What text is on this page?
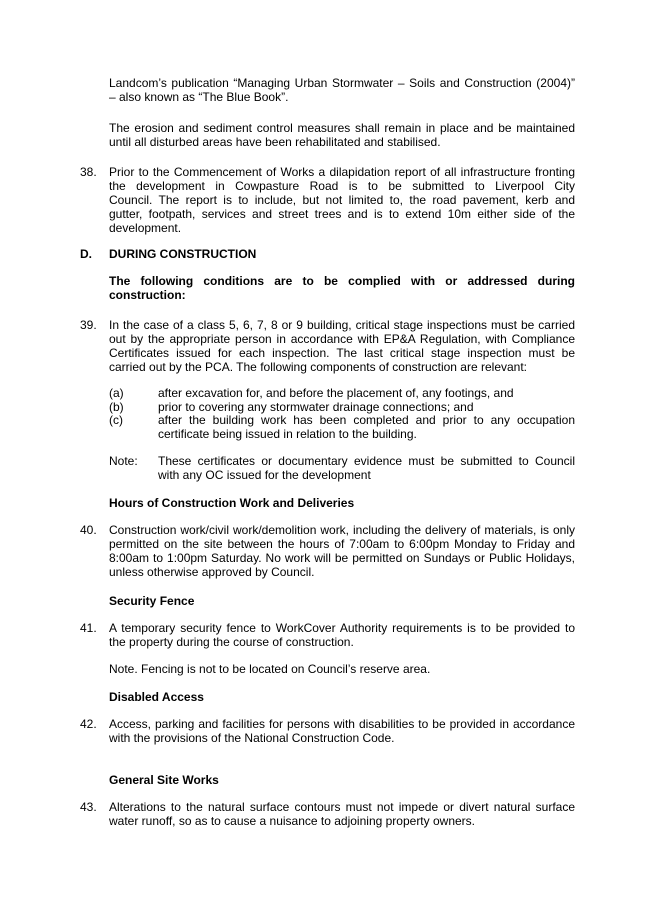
Landcom’s publication “Managing Urban Stormwater – Soils and Construction (2004)”
– also known as “The Blue Book”.
The erosion and sediment control measures shall remain in place and be maintained
until all disturbed areas have been rehabilitated and stabilised.
38. Prior to the Commencement of Works a dilapidation report of all infrastructure fronting
the development in Cowpasture Road is to be submitted to Liverpool City
Council. The report is to include, but not limited to, the road pavement, kerb and
gutter, footpath, services and street trees and is to extend 10m either side of the
development.
D. DURING CONSTRUCTION
The following conditions are to be complied with or addressed during
construction:
39. In the case of a class 5, 6, 7, 8 or 9 building, critical stage inspections must be carried
out by the appropriate person in accordance with EP&A Regulation, with Compliance
Certificates issued for each inspection. The last critical stage inspection must be
carried out by the PCA. The following components of construction are relevant:
(a)	after excavation for, and before the placement of, any footings, and
(b)	prior to covering any stormwater drainage connections; and
(c)	after the building work has been completed and prior to any occupation
certificate being issued in relation to the building.
Note: These certificates or documentary evidence must be submitted to Council
with any OC issued for the development
Hours of Construction Work and Deliveries
40. Construction work/civil work/demolition work, including the delivery of materials, is only
permitted on the site between the hours of 7:00am to 6:00pm Monday to Friday and
8:00am to 1:00pm Saturday. No work will be permitted on Sundays or Public Holidays,
unless otherwise approved by Council.
Security Fence
41. A temporary security fence to WorkCover Authority requirements is to be provided to
the property during the course of construction.
Note. Fencing is not to be located on Council’s reserve area.
Disabled Access
42. Access, parking and facilities for persons with disabilities to be provided in accordance
with the provisions of the National Construction Code.
General Site Works
43. Alterations to the natural surface contours must not impede or divert natural surface
water runoff, so as to cause a nuisance to adjoining property owners.
